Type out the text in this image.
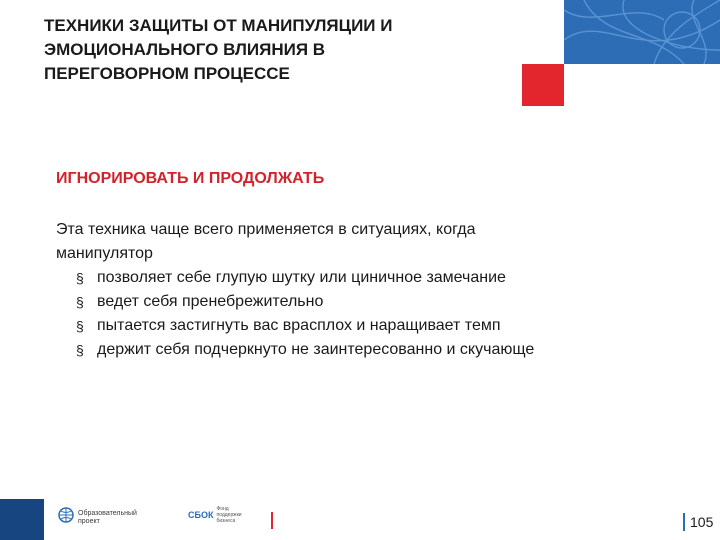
ТЕХНИКИ ЗАЩИТЫ ОТ МАНИПУЛЯЦИИ И
ЭМОЦИОНАЛЬНОГО ВЛИЯНИЯ В
ПЕРЕГОВОРНОМ ПРОЦЕССЕ
ИГНОРИРОВАТЬ И ПРОДОЛЖАТЬ
Эта техника чаще всего применяется в ситуациях, когда
манипулятор
§ позволяет себе глупую шутку или циничное замечание
§ ведет себя пренебрежительно
§ пытается застигнуть вас врасплох и наращивает темп
§ держит себя подчеркнуто не заинтересованно и скучающе
Образовательный
проект
СБОК
Фонд
поддержки
бизнеса	105
